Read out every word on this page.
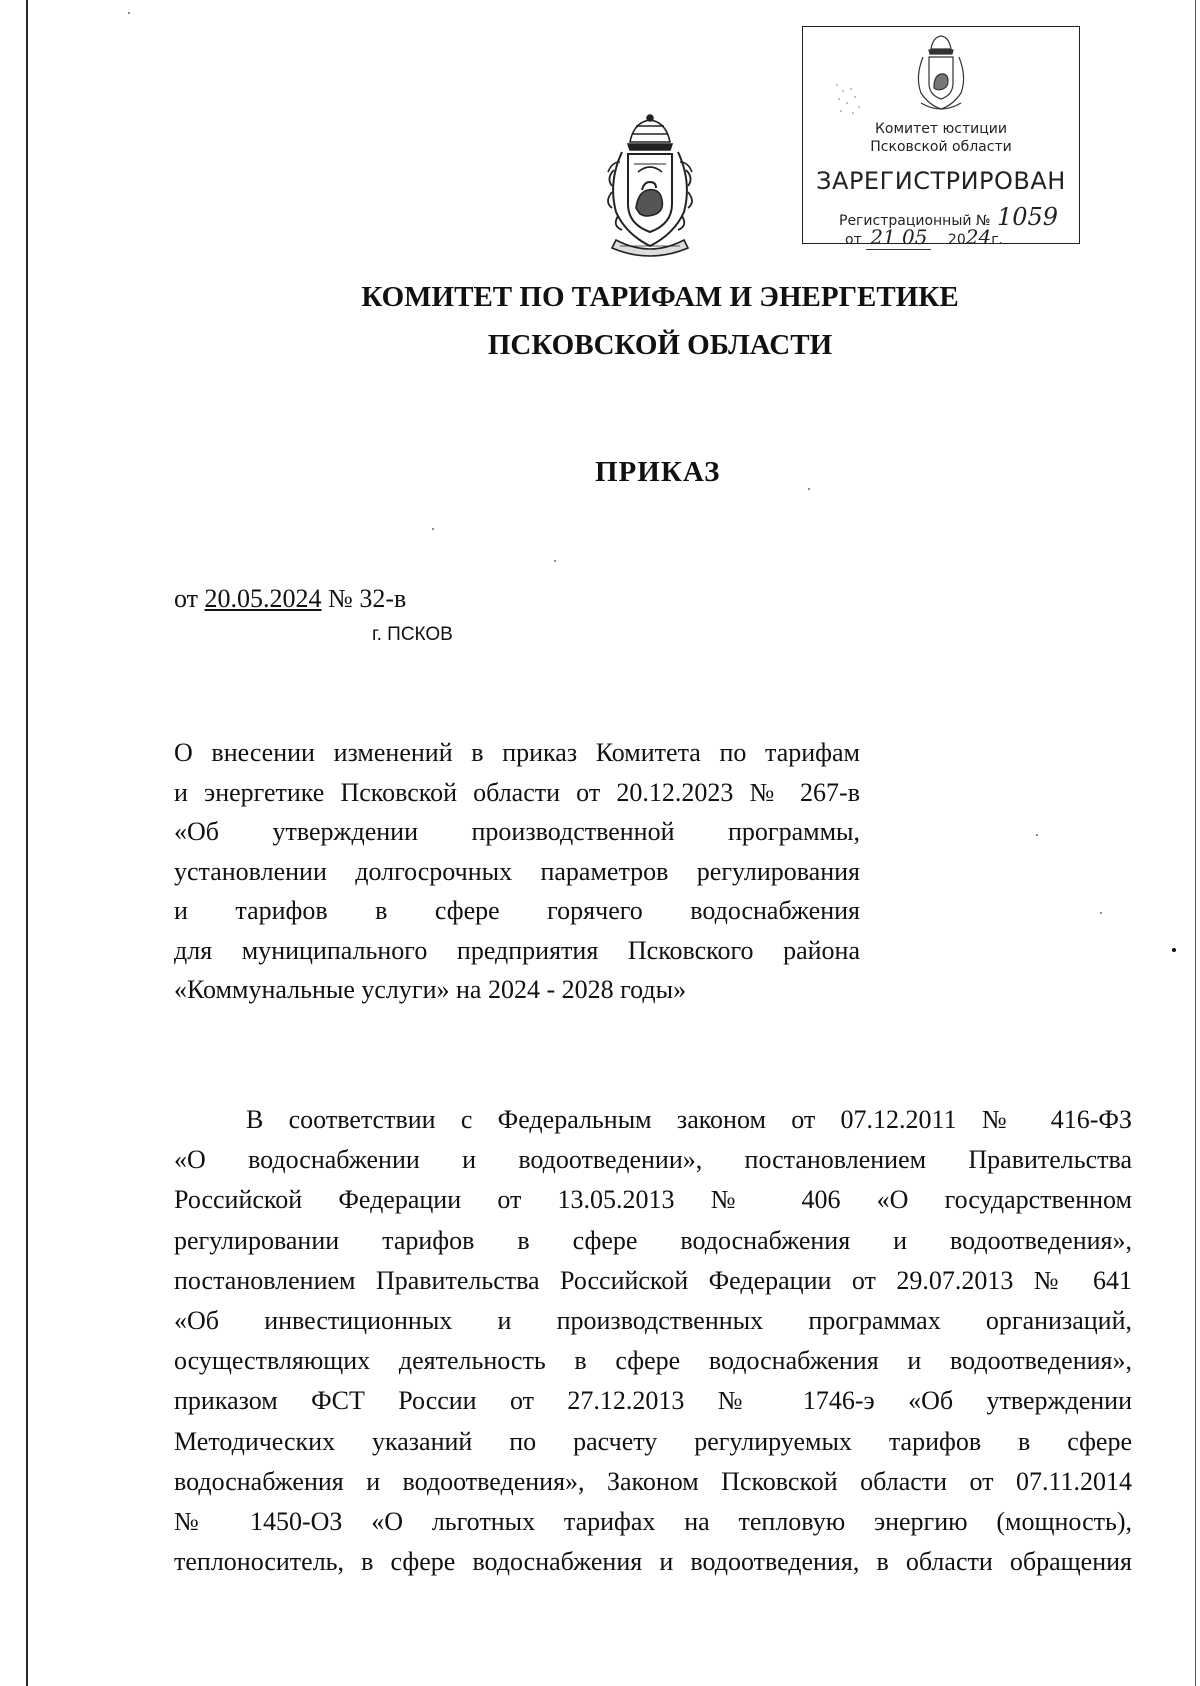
Комитет юстиции
Псковской области
ЗАРЕГИСТРИРОВАН
Регистрационный № 1059
от 21 05 2024г.
КОМИТЕТ ПО ТАРИФАМ И ЭНЕРГЕТИКЕ
ПСКОВСКОЙ ОБЛАСТИ
ПРИКАЗ
от 20.05.2024 № 32-в
г. ПСКОВ
О внесении изменений в приказ Комитета по тарифам
и энергетике Псковской области от 20.12.2023 № 267-в
«Об утверждении производственной программы,
установлении долгосрочных параметров регулирования
и тарифов в сфере горячего водоснабжения
для муниципального предприятия Псковского района
«Коммунальные услуги» на 2024 - 2028 годы»
В соответствии с Федеральным законом от 07.12.2011 № 416-ФЗ
«О водоснабжении и водоотведении», постановлением Правительства
Российской Федерации от 13.05.2013 № 406 «О государственном
регулировании тарифов в сфере водоснабжения и водоотведения»,
постановлением Правительства Российской Федерации от 29.07.2013 № 641
«Об инвестиционных и производственных программах организаций,
осуществляющих деятельность в сфере водоснабжения и водоотведения»,
приказом ФСТ России от 27.12.2013 № 1746-э «Об утверждении
Методических указаний по расчету регулируемых тарифов в сфере
водоснабжения и водоотведения», Законом Псковской области от 07.11.2014
№ 1450-ОЗ «О льготных тарифах на тепловую энергию (мощность),
теплоноситель, в сфере водоснабжения и водоотведения, в области обращения
